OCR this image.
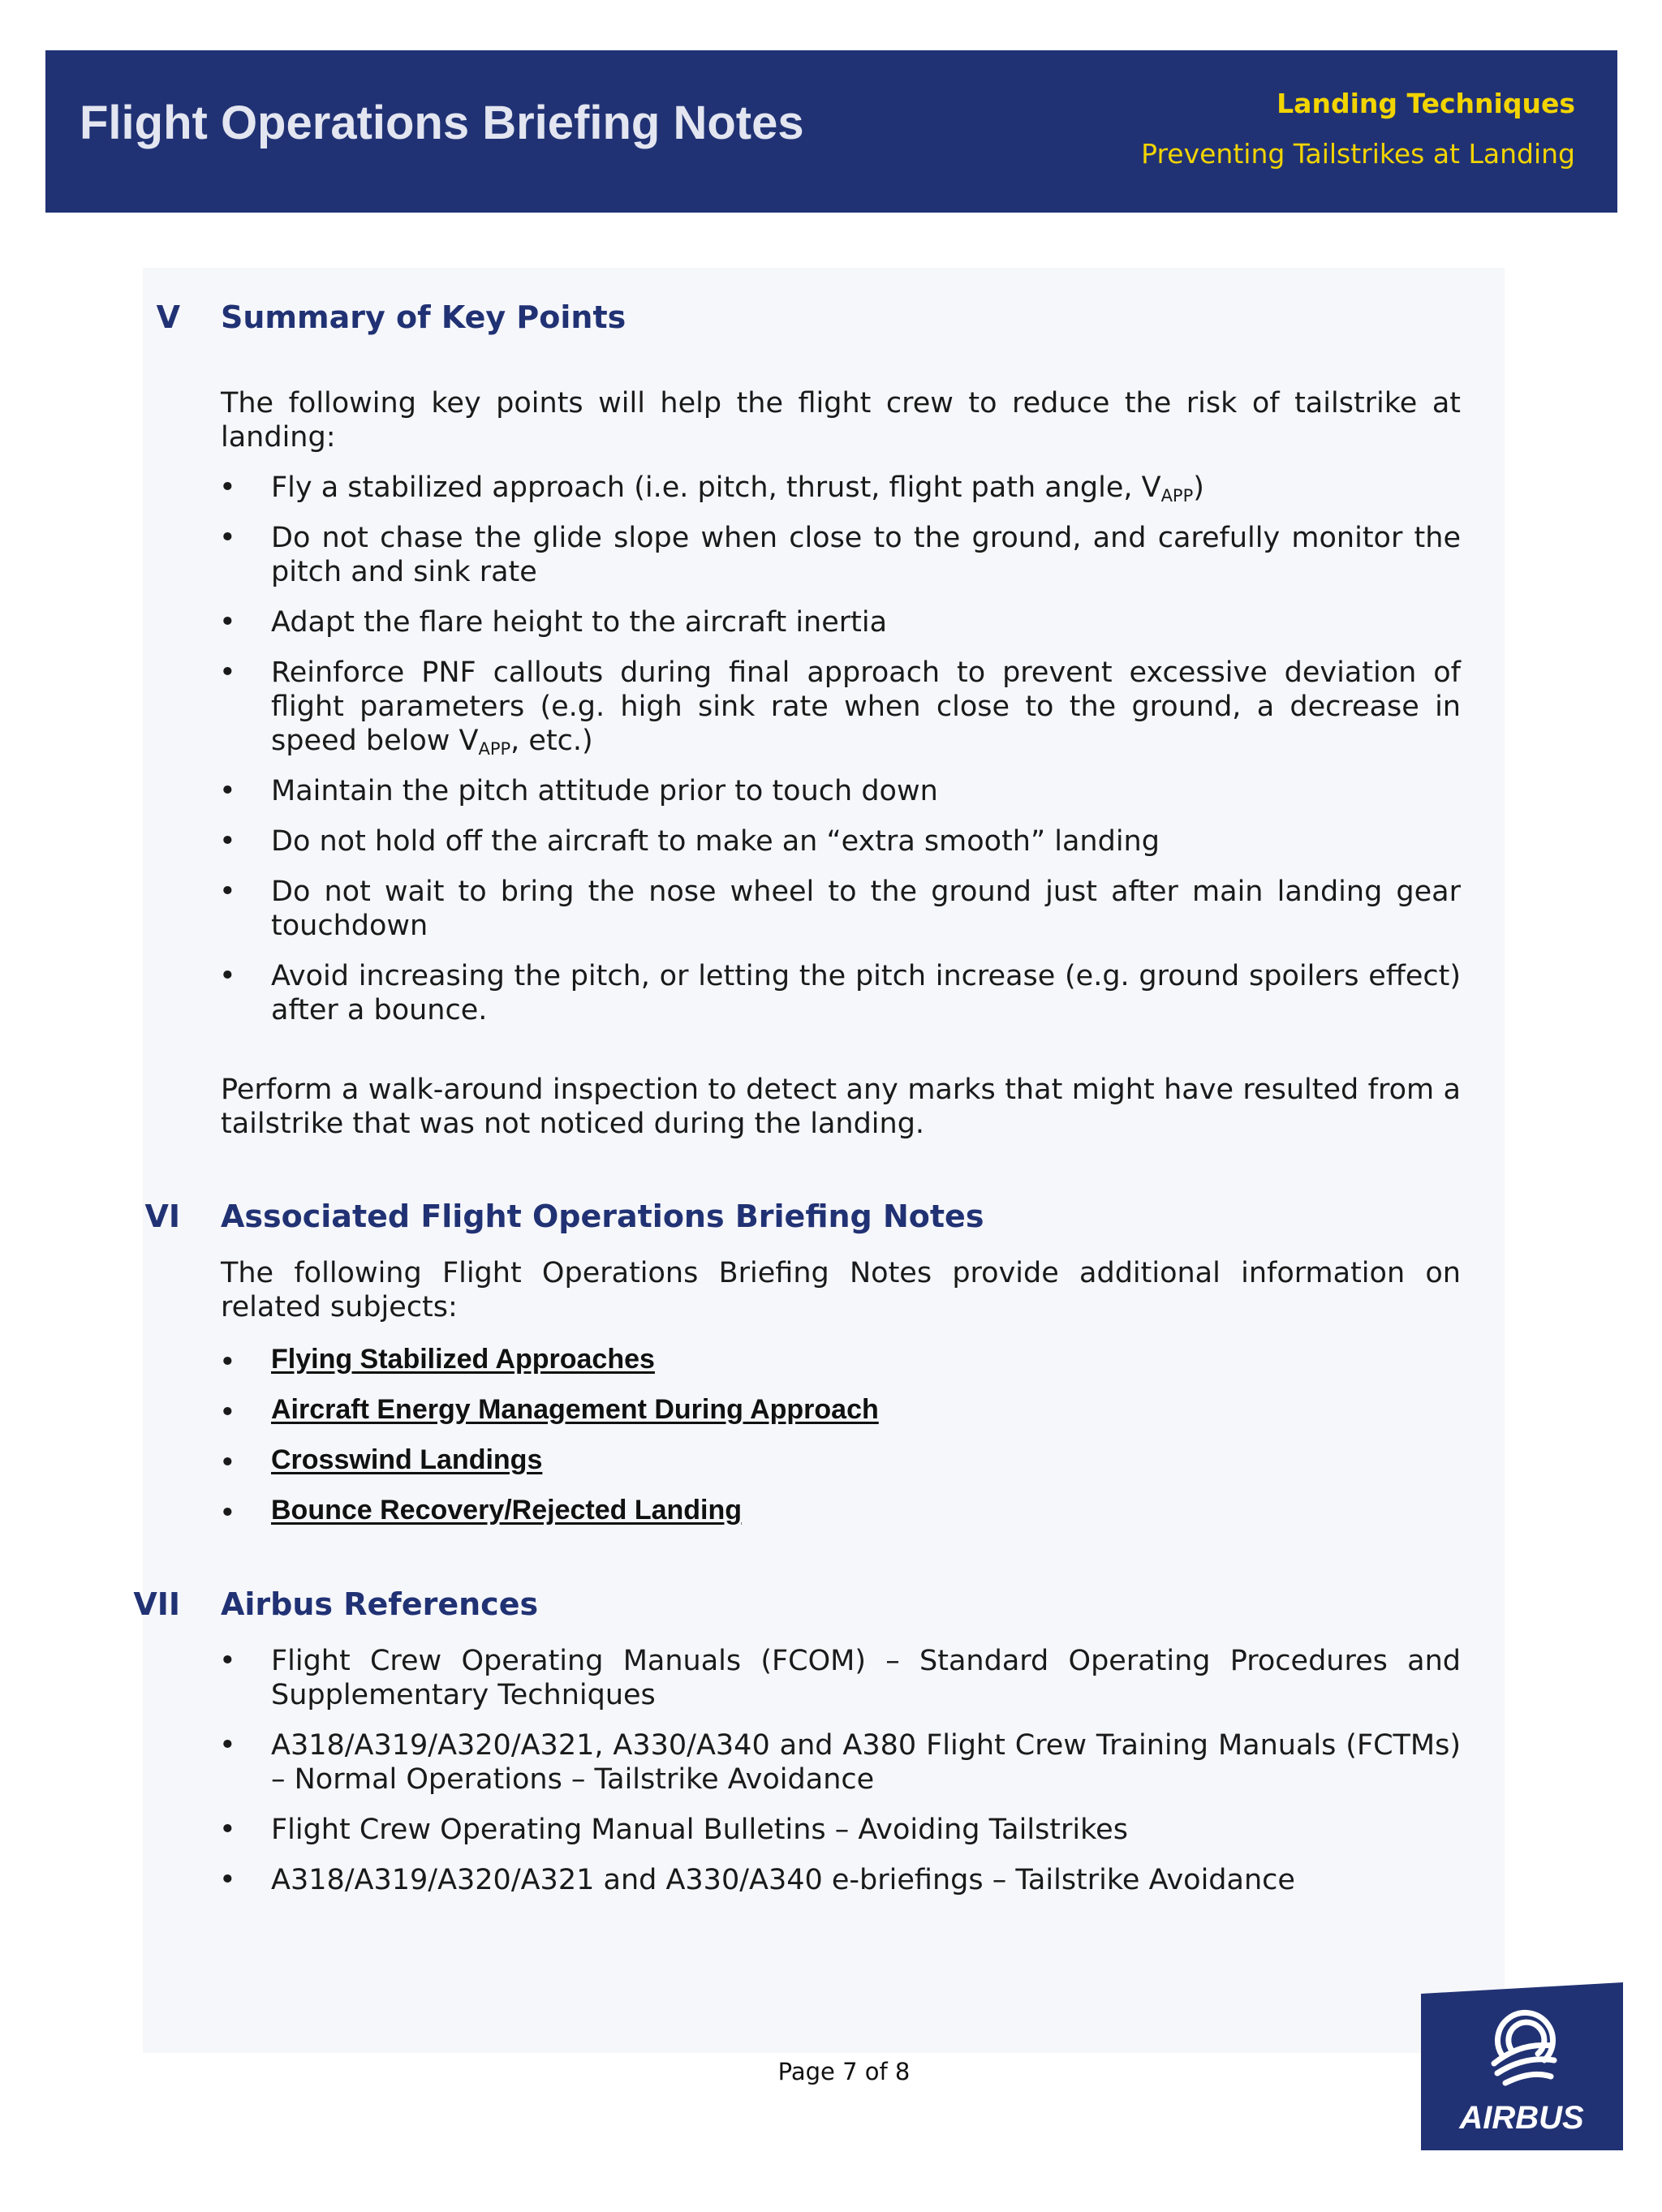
Flight Operations Briefing Notes	Landing Techniques
Preventing Tailstrikes at Landing
V Summary of Key Points
The following key points will help the flight crew to reduce the risk of tailstrike at landing:
• Fly a stabilized approach (i.e. pitch, thrust, flight path angle, $V_{APP}$)
• Do not chase the glide slope when close to the ground, and carefully monitor the pitch and sink rate
• Adapt the flare height to the aircraft inertia
• Reinforce PNF callouts during final approach to prevent excessive deviation of flight parameters (e.g. high sink rate when close to the ground, a decrease in speed below $V_{APP}$, etc.)
• Maintain the pitch attitude prior to touch down
• Do not hold off the aircraft to make an “extra smooth” landing
• Do not wait to bring the nose wheel to the ground just after main landing gear touchdown
• Avoid increasing the pitch, or letting the pitch increase (e.g. ground spoilers effect) after a bounce.
Perform a walk-around inspection to detect any marks that might have resulted from a tailstrike that was not noticed during the landing.
VI Associated Flight Operations Briefing Notes
The following Flight Operations Briefing Notes provide additional information on related subjects:
• Flying Stabilized Approaches
• Aircraft Energy Management During Approach
• Crosswind Landings
• Bounce Recovery/Rejected Landing
VII Airbus References
• Flight Crew Operating Manuals (FCOM) – Standard Operating Procedures and Supplementary Techniques
• A318/A319/A320/A321, A330/A340 and A380 Flight Crew Training Manuals (FCTMs) – Normal Operations – Tailstrike Avoidance
• Flight Crew Operating Manual Bulletins – Avoiding Tailstrikes
• A318/A319/A320/A321 and A330/A340 e-briefings – Tailstrike Avoidance
Page 7 of 8
AIRBUS
